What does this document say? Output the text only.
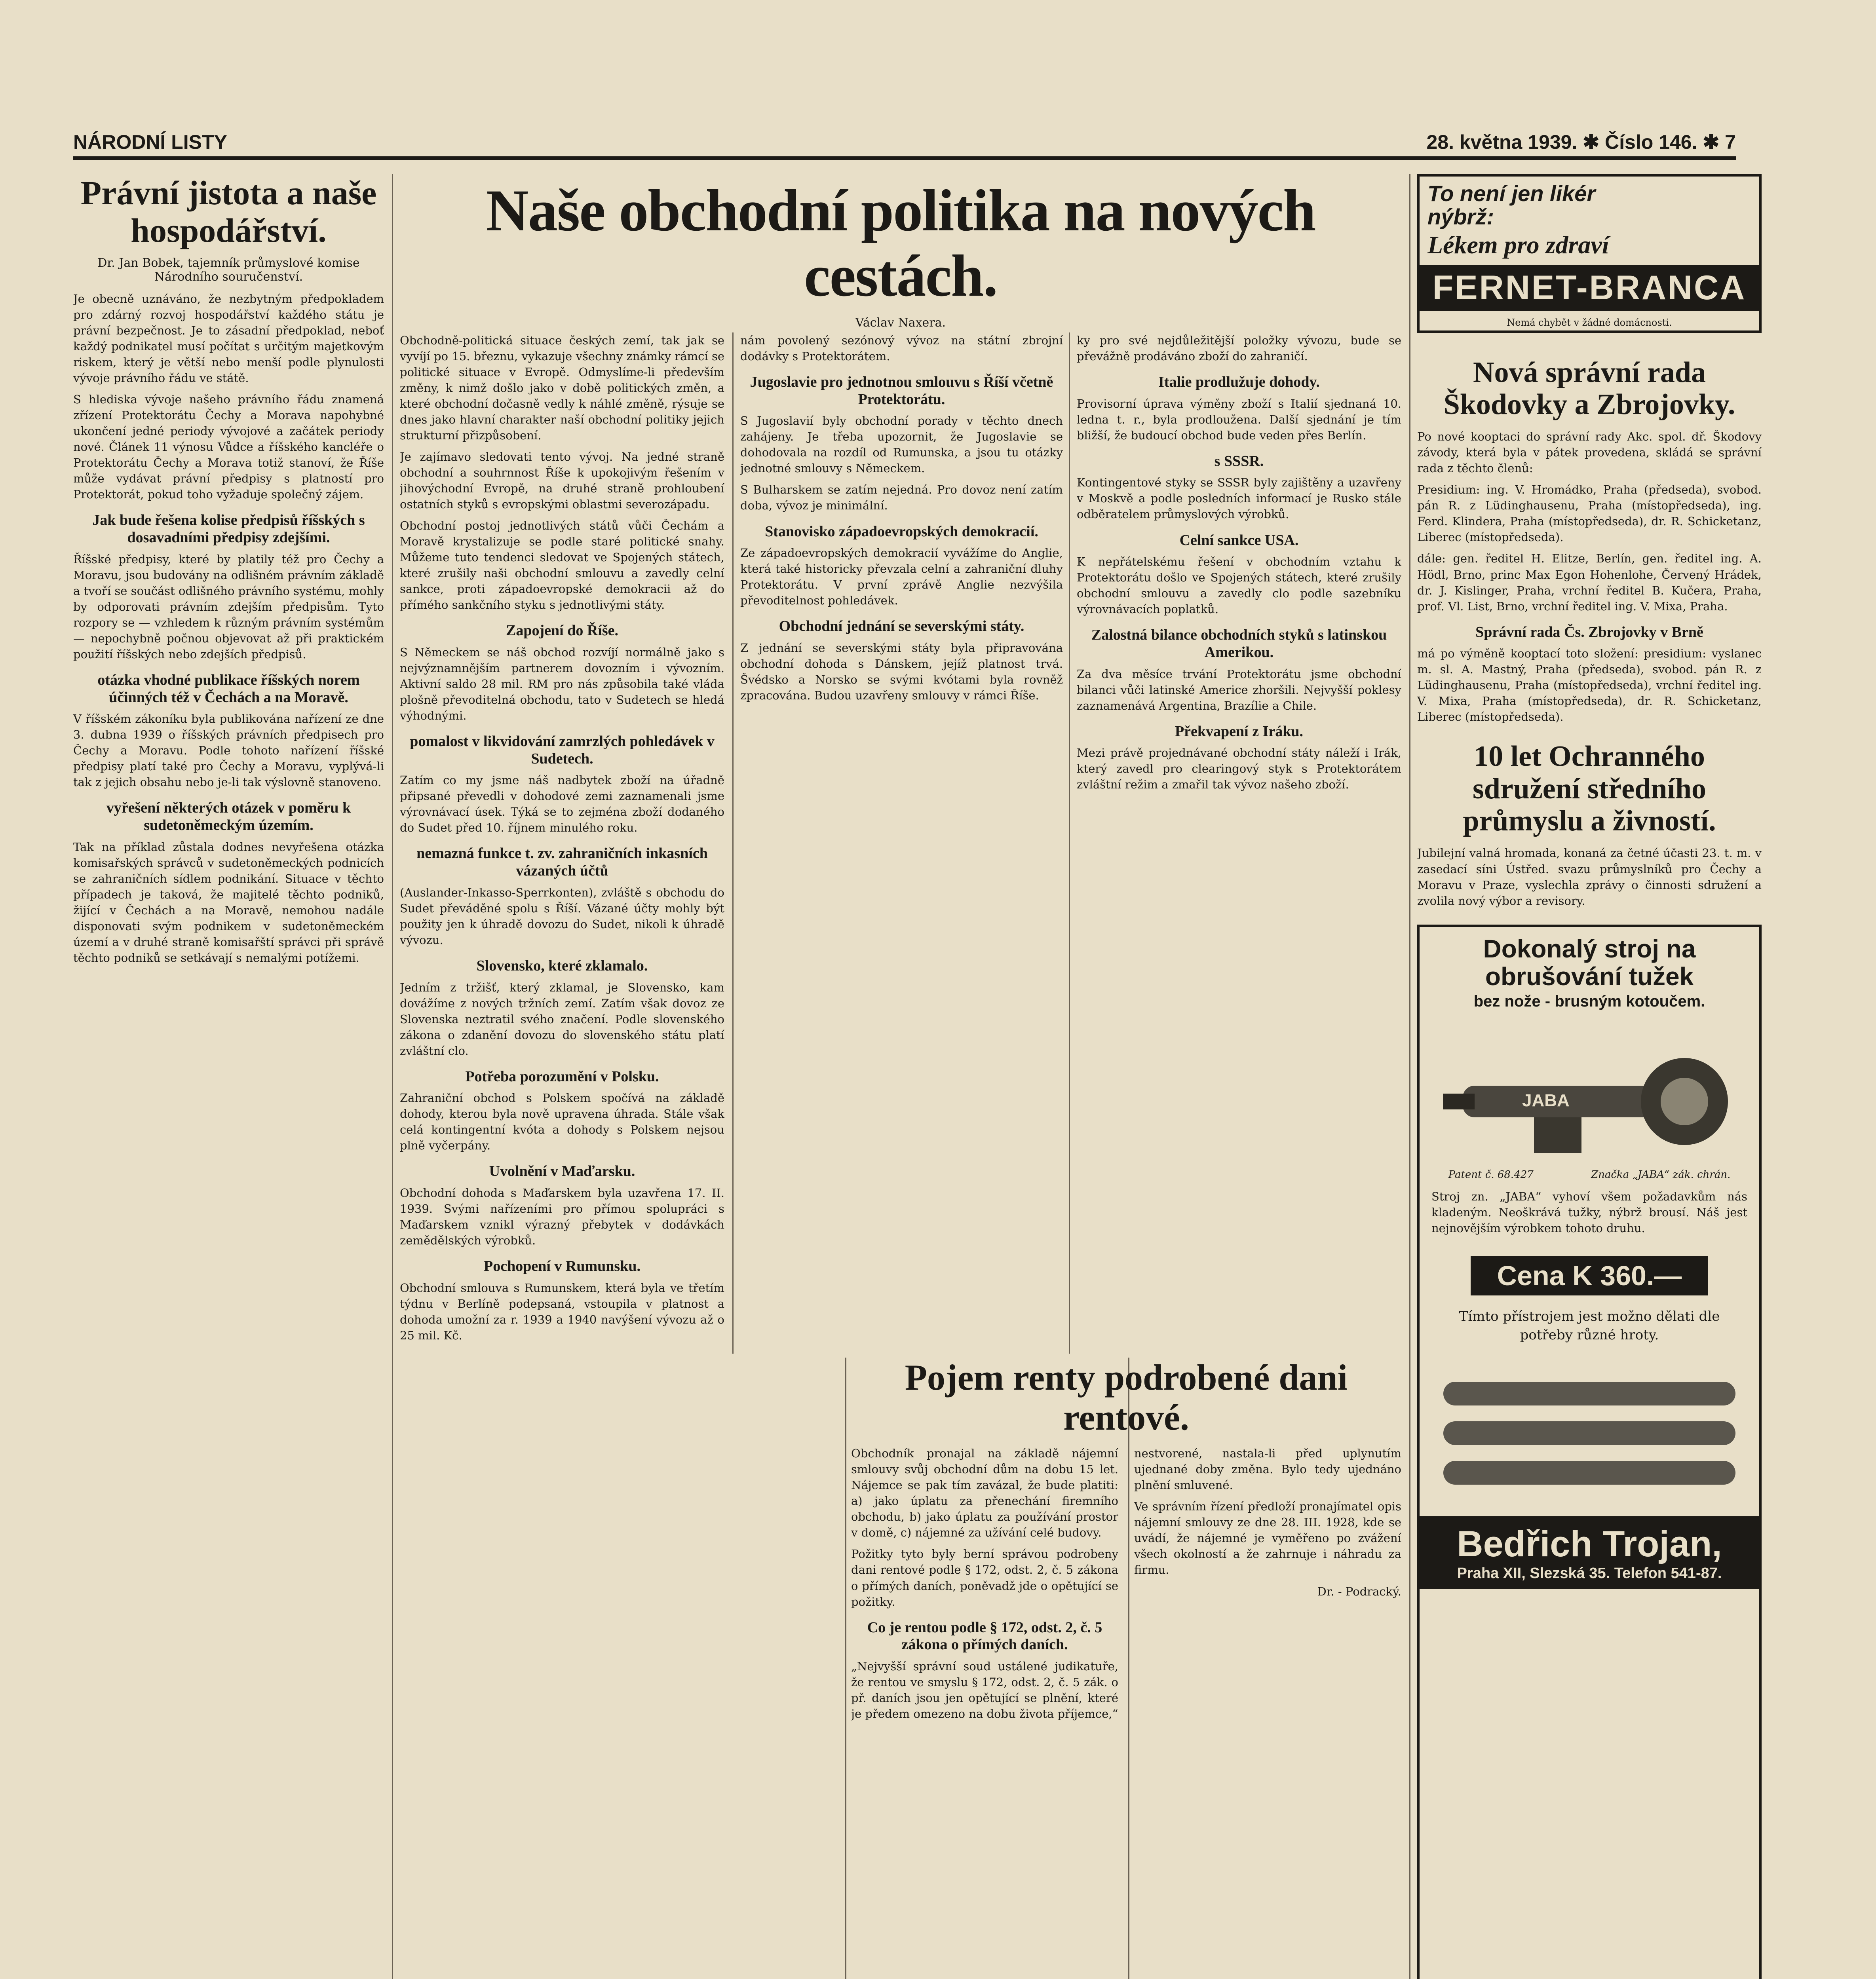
NÁRODNÍ LISTY	28. května 1939. ✱ Číslo 146. ✱ 7
Právní jistota a naše hospodářství.

Dr. Jan Bobek, tajemník průmyslové komise Národního souručenství.

Je obecně uznáváno, že nezbytným předpokladem pro zdárný rozvoj hospodářství každého státu je právní bezpečnost. Je to zásadní předpoklad, neboť každý podnikatel musí počítat s určitým majetkovým riskem, který je větší nebo menší podle plynulosti vývoje právního řádu ve státě.

S hlediska vývoje našeho právního řádu znamená zřízení Protektorátu Čechy a Morava napohybné ukončení jedné periody vývojové a začátek periody nové. Článek 11 výnosu Vůdce a říšského kancléře o Protektorátu Čechy a Morava totiž stanoví, že Říše může vydávat právní předpisy s platností pro Protektorát, pokud toho vyžaduje společný zájem.

Jak bude řešena kolise předpisů říšských s dosavadními předpisy zdejšími.

Říšské předpisy, které by platily též pro Čechy a Moravu, jsou budovány na odlišném právním základě a tvoří se součást odlišného právního systému, mohly by odporovati právním zdejším předpisům. Tyto rozpory se — vzhledem k různým právním systémům — nepochybně počnou objevovat až při praktickém použití říšských nebo zdejších předpisů.

otázka vhodné publikace říšských norem účinných též v Čechách a na Moravě.

V říšském zákoníku byla publikována nařízení ze dne 3. dubna 1939 o říšských právních předpisech pro Čechy a Moravu. Podle tohoto nařízení říšské předpisy platí také pro Čechy a Moravu, vyplývá-li tak z jejich obsahu nebo je-li tak výslovně stanoveno.

vyřešení některých otázek v poměru k sudetoněmeckým územím.

Tak na příklad zůstala dodnes nevyřešena otázka komisařských správců v sudetoněmeckých podnicích se zahraničních sídlem podnikání. Situace v těchto případech je taková, že majitelé těchto podniků, žijící v Čechách a na Moravě, nemohou nadále disponovati svým podnikem v sudetoněmeckém území a v druhé straně komisařští správci při správě těchto podniků se setkávají s nemalými potížemi.

Naše obchodní politika na nových cestách.

Václav Naxera.

Obchodně-politická situace českých zemí, tak jak se vyvíjí po 15. březnu, vykazuje všechny známky rámcí se politické situace v Evropě. Odmyslíme-li především změny, k nimž došlo jako v době politických změn, a které obchodní dočasně vedly k náhlé změně, rýsuje se dnes jako hlavní charakter naší obchodní politiky jejich strukturní přizpůsobení.

Je zajímavo sledovati tento vývoj. Na jedné straně obchodní a souhrnnost Říše k upokojivým řešením v jihovýchodní Evropě, na druhé straně prohloubení ostatních styků s evropskými oblastmi severozápadu.

Obchodní postoj jednotlivých států vůči Čechám a Moravě krystalizuje se podle staré politické snahy. Můžeme tuto tendenci sledovat ve Spojených státech, které zrušily naši obchodní smlouvu a zavedly celní sankce, proti západoevropské demokracii až do přímého sankčního styku s jednotlivými státy.

Zapojení do Říše.

S Německem se náš obchod rozvíjí normálně jako s nejvýznamnějším partnerem dovozním i vývozním. Aktivní saldo 28 mil. RM pro nás způsobila také vláda plošně převoditelná obchodu, tato v Sudetech se hledá výhodnými.

pomalost v likvidování zamrzlých pohledávek v Sudetech.

Zatím co my jsme náš nadbytek zboží na úřadně připsané převedli v dohodové zemi zaznamenali jsme výrovnávací úsek. Týká se to zejména zboží dodaného do Sudet před 10. říjnem minulého roku.

nemazná funkce t. zv. zahraničních inkasních vázaných účtů

(Auslander-Inkasso-Sperrkonten), zvláště s obchodu do Sudet převáděné spolu s Říší. Vázané účty mohly být použity jen k úhradě dovozu do Sudet, nikoli k úhradě vývozu.

Slovensko, které zklamalo.

Jedním z tržišť, který zklamal, je Slovensko, kam dovážíme z nových tržních zemí. Zatím však dovoz ze Slovenska neztratil svého značení. Podle slovenského zákona o zdanění dovozu do slovenského státu platí zvláštní clo.

Potřeba porozumění v Polsku.

Zahraniční obchod s Polskem spočívá na základě dohody, kterou byla nově upravena úhrada. Stále však celá kontingentní kvóta a dohody s Polskem nejsou plně vyčerpány.

Uvolnění v Maďarsku.

Obchodní dohoda s Maďarskem byla uzavřena 17. II. 1939. Svými nařízeními pro přímou spolupráci s Maďarskem vznikl výrazný přebytek v dodávkách zemědělských výrobků.

Pochopení v Rumunsku.

Obchodní smlouva s Rumunskem, která byla ve třetím týdnu v Berlíně podepsaná, vstoupila v platnost a dohoda umožní za r. 1939 a 1940 navýšení vývozu až o 25 mil. Kč.

nám povolený sezónový vývoz na státní zbrojní dodávky s Protektorátem.

Jugoslavie pro jednotnou smlouvu s Říší včetně Protektorátu.

S Jugoslavií byly obchodní porady v těchto dnech zahájeny. Je třeba upozornit, že Jugoslavie se dohodovala na rozdíl od Rumunska, a jsou tu otázky jednotné smlouvy s Německem.

S Bulharskem se zatím nejedná. Pro dovoz není zatím doba, vývoz je minimální.

Stanovisko západoevropských demokracií.

Ze západoevropských demokracií vyvážíme do Anglie, která také historicky převzala celní a zahraniční dluhy Protektorátu. V první zprávě Anglie nezvýšila převoditelnost pohledávek.

Obchodní jednání se severskými státy.

Z jednání se severskými státy byla připravována obchodní dohoda s Dánskem, jejíž platnost trvá. Švédsko a Norsko se svými kvótami byla rovněž zpracována. Budou uzavřeny smlouvy v rámci Říše.

ky pro své nejdůležitější položky vývozu, bude se převážně prodáváno zboží do zahraničí.

Italie prodlužuje dohody.

Provisorní úprava výměny zboží s Italií sjednaná 10. ledna t. r., byla prodloužena. Další sjednání je tím bližší, že budoucí obchod bude veden přes Berlín.

s SSSR.

Kontingentové styky se SSSR byly zajištěny a uzavřeny v Moskvě a podle posledních informací je Rusko stále odběratelem průmyslových výrobků.

Celní sankce USA.

K nepřátelskému řešení v obchodním vztahu k Protektorátu došlo ve Spojených státech, které zrušily obchodní smlouvu a zavedly clo podle sazebníku výrovnávacích poplatků.

Zalostná bilance obchodních styků s latinskou Amerikou.

Za dva měsíce trvání Protektorátu jsme obchodní bilanci vůči latinské Americe zhoršili. Nejvyšší poklesy zaznamenává Argentina, Brazílie a Chile.

Překvapení z Iráku.

Mezi právě projednávané obchodní státy náleží i Irák, který zavedl pro clearingový styk s Protektorátem zvláštní režim a zmařil tak vývoz našeho zboží.

Pojem renty podrobené dani rentové.

Obchodník pronajal na základě nájemní smlouvy svůj obchodní dům na dobu 15 let. Nájemce se pak tím zavázal, že bude platiti: a) jako úplatu za přenechání firemního obchodu, b) jako úplatu za používání prostor v domě, c) nájemné za užívání celé budovy.

Požitky tyto byly berní správou podrobeny dani rentové podle § 172, odst. 2, č. 5 zákona o přímých daních, poněvadž jde o opětující se požitky.

Co je rentou podle § 172, odst. 2, č. 5 zákona o přímých daních.

„Nejvyšší správní soud ustálené judikatuře, že rentou ve smyslu § 172, odst. 2, č. 5 zák. o př. daních jsou jen opětující se plnění, které je předem omezeno na dobu života příjemce,“

nestvorené, nastala-li před uplynutím ujednané doby změna. Bylo tedy ujednáno plnění smluvené.

Ve správním řízení předloží pronajímatel opis nájemní smlouvy ze dne 28. III. 1928, kde se uvádí, že nájemné je vyměřeno po zvážení všech okolností a že zahrnuje i náhradu za firmu.

Dr. - Podracký.

To není jen likér
nýbrž:
Lékem pro zdraví
FERNET-BRANCA
Nemá chybět v žádné domácnosti.
Nová správní rada Škodovky a Zbrojovky.

Po nové kooptaci do správní rady Akc. spol. dř. Škodovy závody, která byla v pátek provedena, skládá se správní rada z těchto členů:

Presidium: ing. V. Hromádko, Praha (předseda), svobod. pán R. z Lüdinghausenu, Praha (místopředseda), ing. Ferd. Klindera, Praha (místopředseda), dr. R. Schicketanz, Liberec (místopředseda).

dále: gen. ředitel H. Elitze, Berlín, gen. ředitel ing. A. Hödl, Brno, princ Max Egon Hohenlohe, Červený Hrádek, dr. J. Kislinger, Praha, vrchní ředitel B. Kučera, Praha, prof. Vl. List, Brno, vrchní ředitel ing. V. Mixa, Praha.

Správní rada Čs. Zbrojovky v Brně

má po výměně kooptací toto složení: presidium: vyslanec m. sl. A. Mastný, Praha (předseda), svobod. pán R. z Lüdinghausenu, Praha (místopředseda), vrchní ředitel ing. V. Mixa, Praha (místopředseda), dr. R. Schicketanz, Liberec (místopředseda).

10 let Ochranného sdružení středního průmyslu a živností.

Jubilejní valná hromada, konaná za četné účasti 23. t. m. v zasedací síni Ústřed. svazu průmyslníků pro Čechy a Moravu v Praze, vyslechla zprávy o činnosti sdružení a zvolila nový výbor a revisory.

Dokonalý stroj na obrušování tužek
bez nože - brusným kotoučem.
JABA
Patent č. 68.427	Značka „JABA“ zák. chrán.

Stroj zn. „JABA“ vyhoví všem požadavkům nás kladeným. Neoškrává tužky, nýbrž brousí. Náš jest nejnovějším výrobkem tohoto druhu.

Cena K 360.—

Tímto přístrojem jest možno dělati dle potřeby různé hroty.

Bedřich Trojan,
Praha XII, Slezská 35. Telefon 541-87.
